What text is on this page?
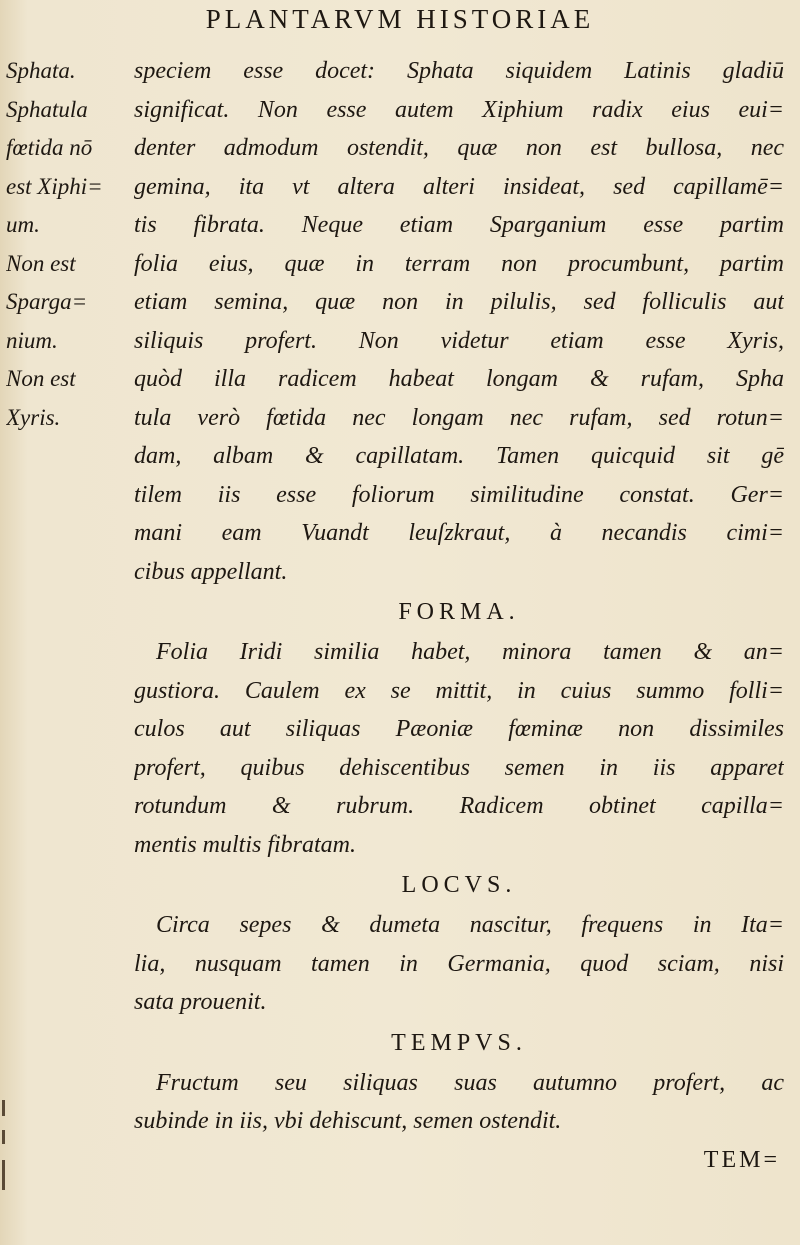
PLANTARVM HISTORIAE
Sphata.
Sphatula
fœtida nō
est Xiphi=
um.
Non est
Sparga=
nium.
Non est
Xyris.
speciem esse docet: Sphata siquidem Latinis gladiū
significat. Non esse autem Xiphium radix eius eui=
denter admodum ostendit, quæ non est bullosa, nec
gemina, ita vt altera alteri insideat, sed capillamē=
tis fibrata. Neque etiam Sparganium esse partim
folia eius, quæ in terram non procumbunt, partim
etiam semina, quæ non in pilulis, sed folliculis aut
siliquis profert. Non videtur etiam esse Xyris,
quòd illa radicem habeat longam & rufam, Spha
tula verò fœtida nec longam nec rufam, sed rotun=
dam, albam & capillatam. Tamen quicquid sit gē
tilem iis esse foliorum similitudine constat. Ger=
mani eam Vuandt leuſzkraut, à necandis cimi=
cibus appellant.
FORMA.
Folia Iridi similia habet, minora tamen & an=
gustiora. Caulem ex se mittit, in cuius summo folli=
culos aut siliquas Pæoniæ fœminæ non dissimiles
profert, quibus dehiscentibus semen in iis apparet
rotundum & rubrum. Radicem obtinet capilla=
mentis multis fibratam.
LOCVS.
Circa sepes & dumeta nascitur, frequens in Ita=
lia, nusquam tamen in Germania, quod sciam, nisi
sata prouenit.
TEMPVS.
Fructum seu siliquas suas autumno profert, ac
subinde in iis, vbi dehiscunt, semen ostendit.
TEM=
